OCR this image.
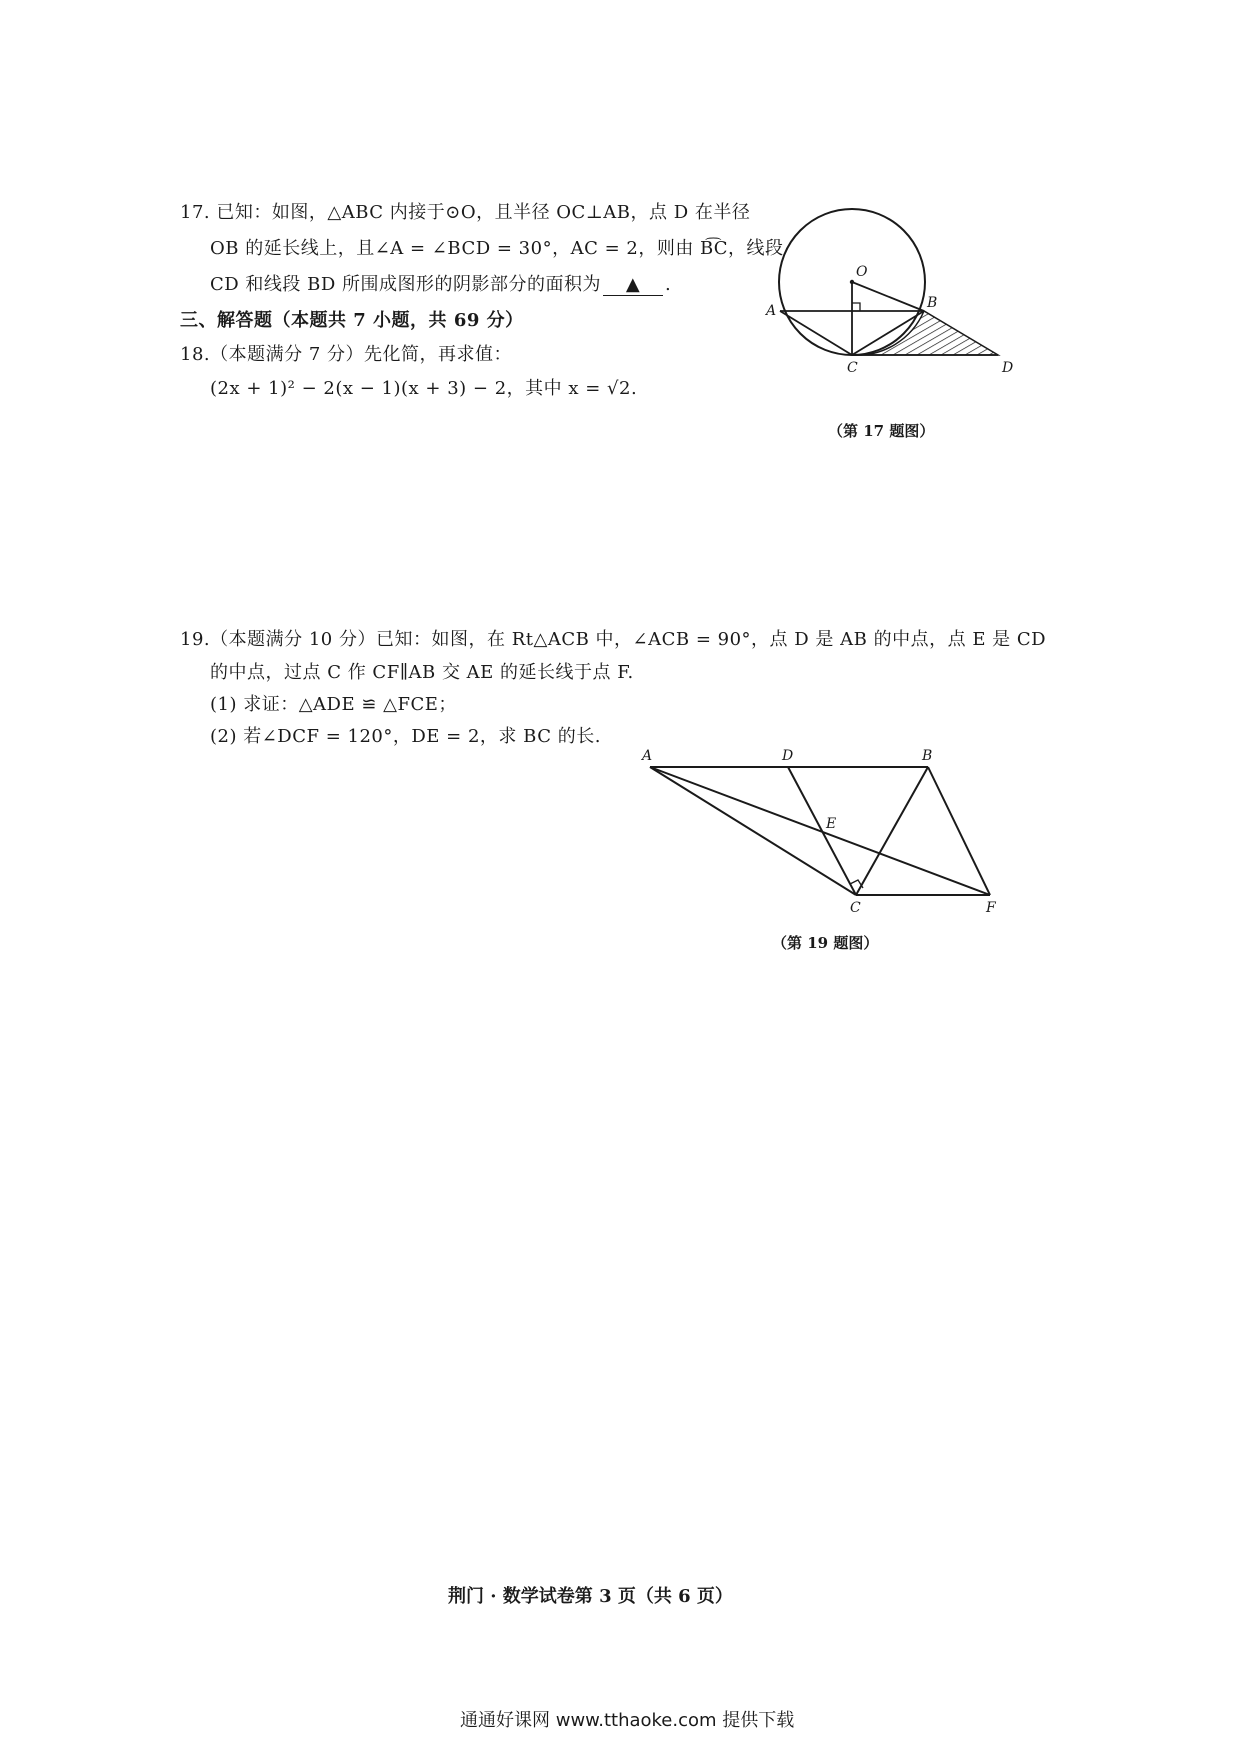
17. 已知：如图，△ABC 内接于⊙O，且半径 OC⊥AB，点 D 在半径
OB 的延长线上，且∠A = ∠BCD = 30°，AC = 2，则由 B͡C，线段
CD 和线段 BD 所围成图形的阴影部分的面积为 ▲ .
三、解答题（本题共 7 小题，共 69 分）
18.（本题满分 7 分）先化简，再求值：
(2x + 1)² − 2(x − 1)(x + 3) − 2，其中 x = √2.
O
A	B
C	D
（第 17 题图）
19.（本题满分 10 分）已知：如图，在 Rt△ACB 中，∠ACB = 90°，点 D 是 AB 的中点，点 E 是 CD
的中点，过点 C 作 CF∥AB 交 AE 的延长线于点 F.
(1) 求证：△ADE ≌ △FCE；
(2) 若∠DCF = 120°，DE = 2，求 BC 的长.
A	D	B
E
C	F
（第 19 题图）
荆门 · 数学试卷第 3 页（共 6 页）
通通好课网 www.tthaoke.com 提供下载
